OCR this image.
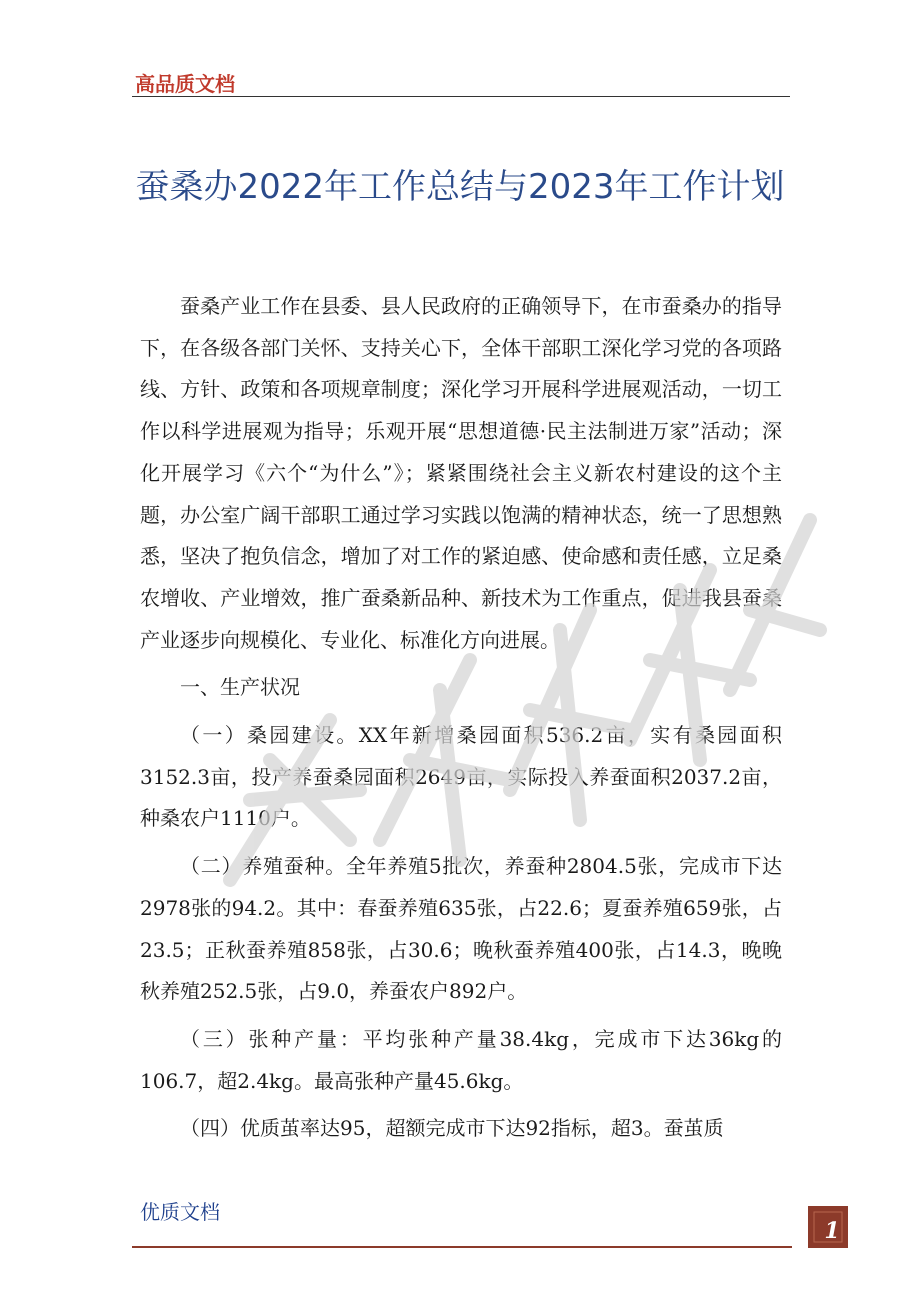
高品质文档
蚕桑办2022年工作总结与2023年工作计划

蚕桑产业工作在县委、县人民政府的正确领导下，在市蚕桑办的指导下，在各级各部门关怀、支持关心下，全体干部职工深化学习党的各项路线、方针、政策和各项规章制度；深化学习开展科学进展观活动，一切工作以科学进展观为指导；乐观开展“思想道德·民主法制进万家”活动；深化开展学习《六个“为什么”》；紧紧围绕社会主义新农村建设的这个主题，办公室广阔干部职工通过学习实践以饱满的精神状态，统一了思想熟悉，坚决了抱负信念，增加了对工作的紧迫感、使命感和责任感，立足桑农增收、产业增效，推广蚕桑新品种、新技术为工作重点，促进我县蚕桑产业逐步向规模化、专业化、标准化方向进展。

一、生产状况

（一）桑园建设。XX年新增桑园面积536.2亩，实有桑园面积3152.3亩，投产养蚕桑园面积2649亩，实际投入养蚕面积2037.2亩，种桑农户1110户。

（二）养殖蚕种。全年养殖5批次，养蚕种2804.5张，完成市下达2978张的94.2。其中：春蚕养殖635张，占22.6；夏蚕养殖659张，占23.5；正秋蚕养殖858张，占30.6；晚秋蚕养殖400张，占14.3，晚晚秋养殖252.5张，占9.0，养蚕农户892户。

（三）张种产量：平均张种产量38.4kg，完成市下达36kg的106.7，超2.4kg。最高张种产量45.6kg。

（四）优质茧率达95，超额完成市下达92指标，超3。蚕茧质

优质文档
1
